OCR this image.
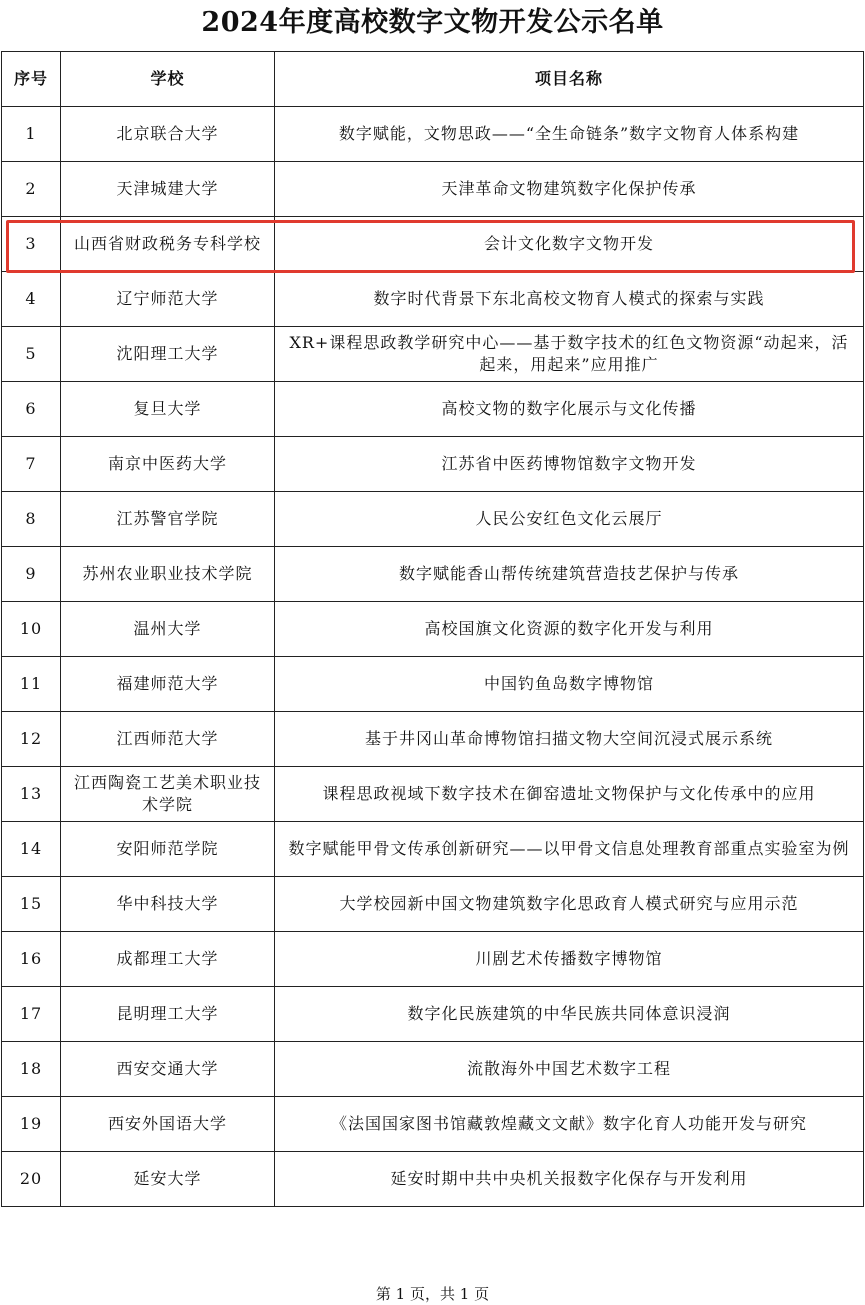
2024年度高校数字文物开发公示名单
序号	学校	项目名称
1	北京联合大学	数字赋能，文物思政——“全生命链条”数字文物育人体系构建
2	天津城建大学	天津革命文物建筑数字化保护传承
3	山西省财政税务专科学校	会计文化数字文物开发
4	辽宁师范大学	数字时代背景下东北高校文物育人模式的探索与实践
5	沈阳理工大学	XR+课程思政教学研究中心——基于数字技术的红色文物资源“动起来，活起来，用起来”应用推广
6	复旦大学	高校文物的数字化展示与文化传播
7	南京中医药大学	江苏省中医药博物馆数字文物开发
8	江苏警官学院	人民公安红色文化云展厅
9	苏州农业职业技术学院	数字赋能香山帮传统建筑营造技艺保护与传承
10	温州大学	高校国旗文化资源的数字化开发与利用
11	福建师范大学	中国钓鱼岛数字博物馆
12	江西师范大学	基于井冈山革命博物馆扫描文物大空间沉浸式展示系统
13	江西陶瓷工艺美术职业技术学院	课程思政视域下数字技术在御窑遗址文物保护与文化传承中的应用
14	安阳师范学院	数字赋能甲骨文传承创新研究——以甲骨文信息处理教育部重点实验室为例
15	华中科技大学	大学校园新中国文物建筑数字化思政育人模式研究与应用示范
16	成都理工大学	川剧艺术传播数字博物馆
17	昆明理工大学	数字化民族建筑的中华民族共同体意识浸润
18	西安交通大学	流散海外中国艺术数字工程
19	西安外国语大学	《法国国家图书馆藏敦煌藏文文献》数字化育人功能开发与研究
20	延安大学	延安时期中共中央机关报数字化保存与开发利用
第 1 页，共 1 页
